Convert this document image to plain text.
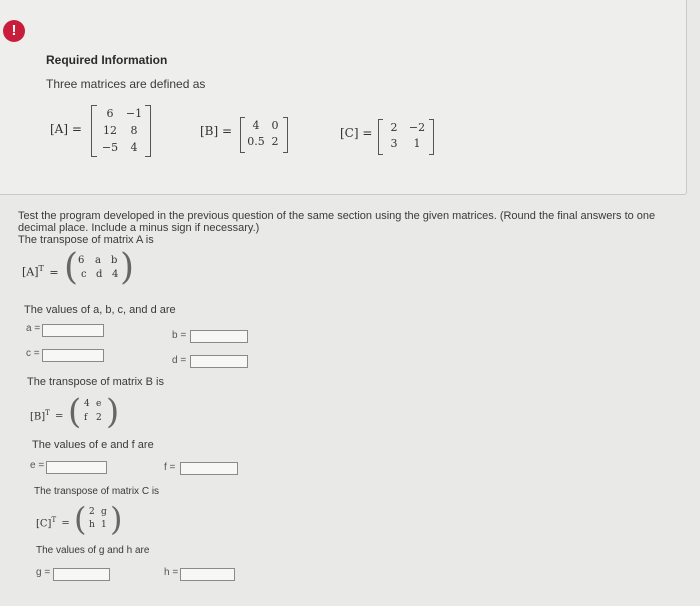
!
Required Information
Three matrices are defined as
[A] =
6	−1
12	8
−5	4
[B] =	4	0
0.5 2
[C] =	2	−2
3	1
Test the program developed in the previous question of the same section using the given matrices. (Round the final answers to one
decimal place. Include a minus sign if necessary.)
The transpose of matrix A is
$[A]^T$ = ( 6 a b
c d 4 )
The values of a, b, c, and d are
a =
b =
c =
d =
The transpose of matrix B is
$[B]^T$ = ( 4 e
f 2 )
The values of e and f are
e =	f =
The transpose of matrix C is
$[C]^T$ = ( 2 g
h 1 )
The values of g and h are
g =	h =
